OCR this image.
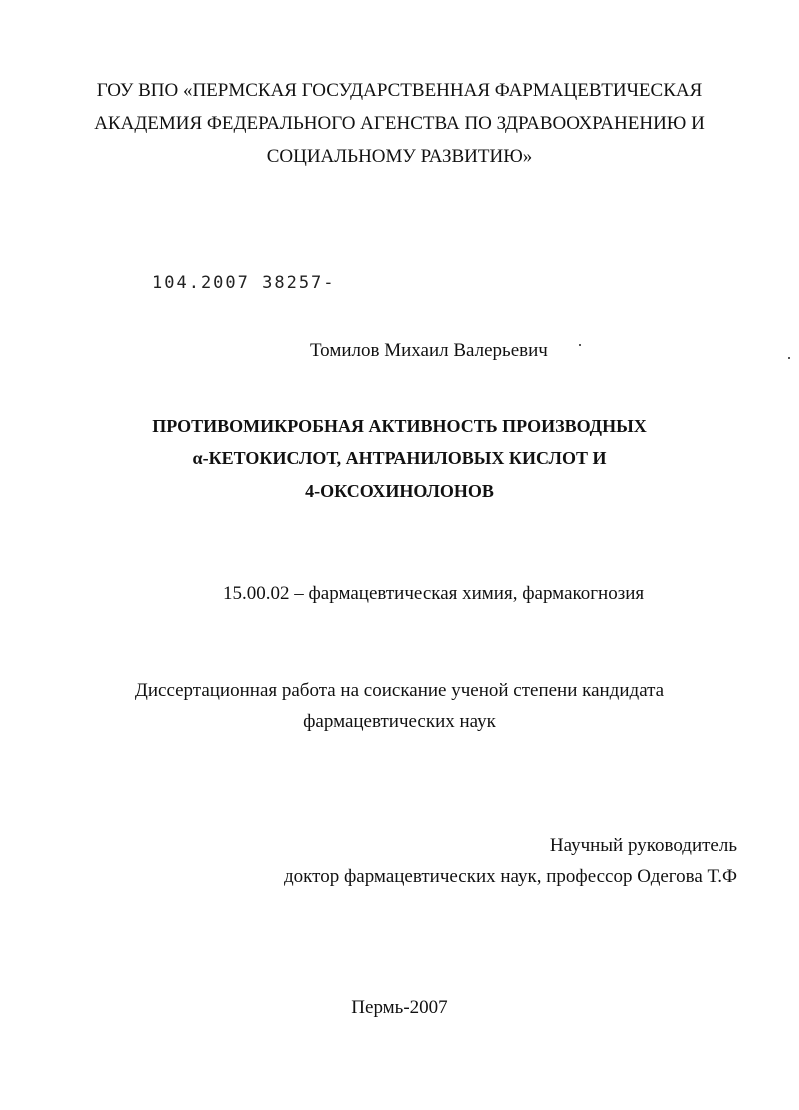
ГОУ ВПО «ПЕРМСКАЯ ГОСУДАРСТВЕННАЯ ФАРМАЦЕВТИЧЕСКАЯ
АКАДЕМИЯ ФЕДЕРАЛЬНОГО АГЕНСТВА ПО ЗДРАВООХРАНЕНИЮ И
СОЦИАЛЬНОМУ РАЗВИТИЮ»
104.2007 38257-
Томилов Михаил Валерьевич
ПРОТИВОМИКРОБНАЯ АКТИВНОСТЬ ПРОИЗВОДНЫХ
α-КЕТОКИСЛОТ, АНТРАНИЛОВЫХ КИСЛОТ И
4-ОКСОХИНОЛОНОВ
15.00.02 – фармацевтическая химия, фармакогнозия
Диссертационная работа на соискание ученой степени кандидата
фармацевтических наук
Научный руководитель
доктор фармацевтических наук, профессор Одегова Т.Ф
Пермь-2007
